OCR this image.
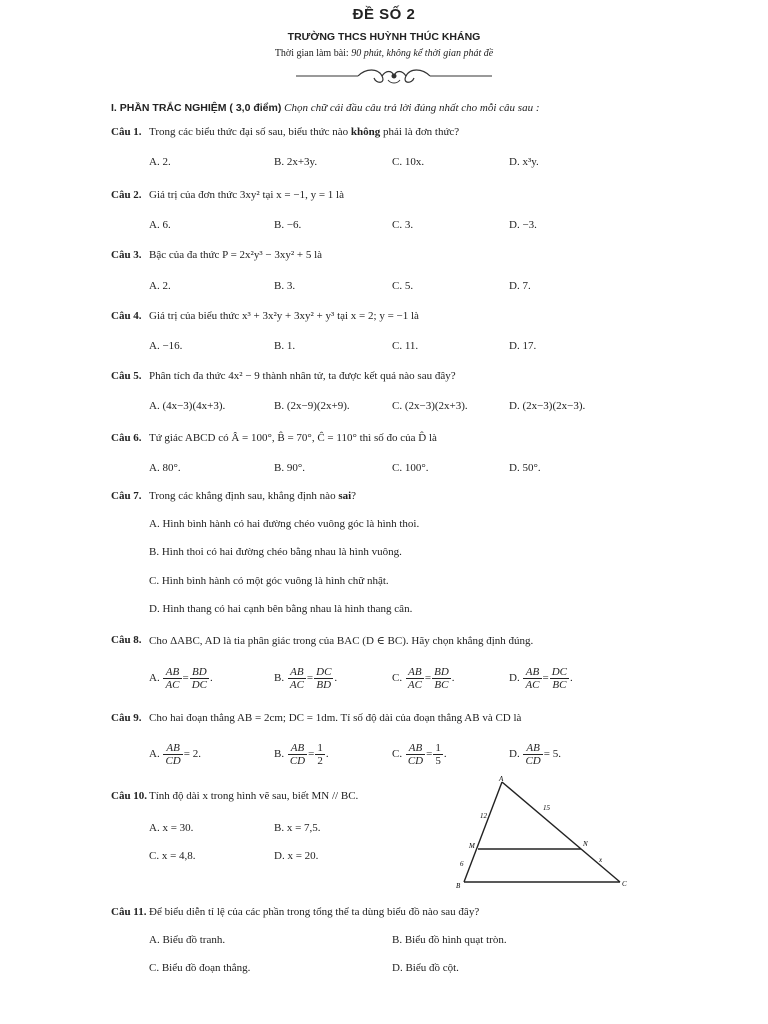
ĐỀ SỐ 2
TRƯỜNG THCS HUỲNH THÚC KHÁNG
Thời gian làm bài: 90 phút, không kể thời gian phát đề
I. PHẦN TRẮC NGHIỆM ( 3,0 điểm) Chọn chữ cái đầu câu trả lời đúng nhất cho mỗi câu sau :
Câu 1. Trong các biểu thức đại số sau, biểu thức nào không phải là đơn thức?
A. 2.	B. 2x+3y.	C. 10x.	D. x³y.
Câu 2. Giá trị của đơn thức 3xy² tại x = −1, y = 1 là
A. 6.	B. −6.	C. 3.	D. −3.
Câu 3. Bậc của đa thức P = 2x²y³ − 3xy² + 5 là
A. 2.	B. 3.	C. 5.	D. 7.
Câu 4. Giá trị của biểu thức x³ + 3x²y + 3xy² + y³ tại x = 2; y = −1 là
A. −16.	B. 1.	C. 11.	D. 17.
Câu 5. Phân tích đa thức 4x² − 9 thành nhân tử, ta được kết quả nào sau đây?
A. (4x−3)(4x+3).	B. (2x−9)(2x+9).	C. (2x−3)(2x+3).	D. (2x−3)(2x−3).
Câu 6. Tứ giác ABCD có Â = 100°, B̂ = 70°, Ĉ = 110° thì số đo của D̂ là
A. 80°.	B. 90°.	C. 100°.	D. 50°.
Câu 7. Trong các khẳng định sau, khẳng định nào sai?
A. Hình bình hành có hai đường chéo vuông góc là hình thoi.
B. Hình thoi có hai đường chéo bằng nhau là hình vuông.
C. Hình bình hành có một góc vuông là hình chữ nhật.
D. Hình thang có hai cạnh bên bằng nhau là hình thang cân.
Câu 8. Cho ΔABC, AD là tia phân giác trong của BAC (D ∈ BC). Hãy chọn khẳng định đúng.
A. $\frac{AB}{AC} = \frac{BD}{DC}$ .	B. $\frac{AB}{AC} = \frac{DC}{BD}$ .	C. $\frac{AB}{AC} = \frac{BD}{BC}$ .	D. $\frac{AB}{AC} = \frac{DC}{BC}$ .
Câu 9. Cho hai đoạn thẳng AB = 2cm; DC = 1dm. Tỉ số độ dài của đoạn thẳng AB và CD là
A. $\frac{AB}{CD} = 2$.	B. $\frac{AB}{CD} = \frac{1}{2}$ .	C. $\frac{AB}{CD} = \frac{1}{5}$ .	D. $\frac{AB}{CD} = 5$.
Câu 10. Tính độ dài x trong hình vẽ sau, biết MN // BC.
A. x = 30.	B. x = 7,5.
C. x = 4,8.	D. x = 20.
A
B	C
M	N
12
15
6	x
Câu 11. Để biểu diễn tỉ lệ của các phần trong tổng thể ta dùng biểu đồ nào sau đây?
A. Biểu đồ tranh.	B. Biểu đồ hình quạt tròn.
C. Biểu đồ đoạn thẳng.	D. Biểu đồ cột.
